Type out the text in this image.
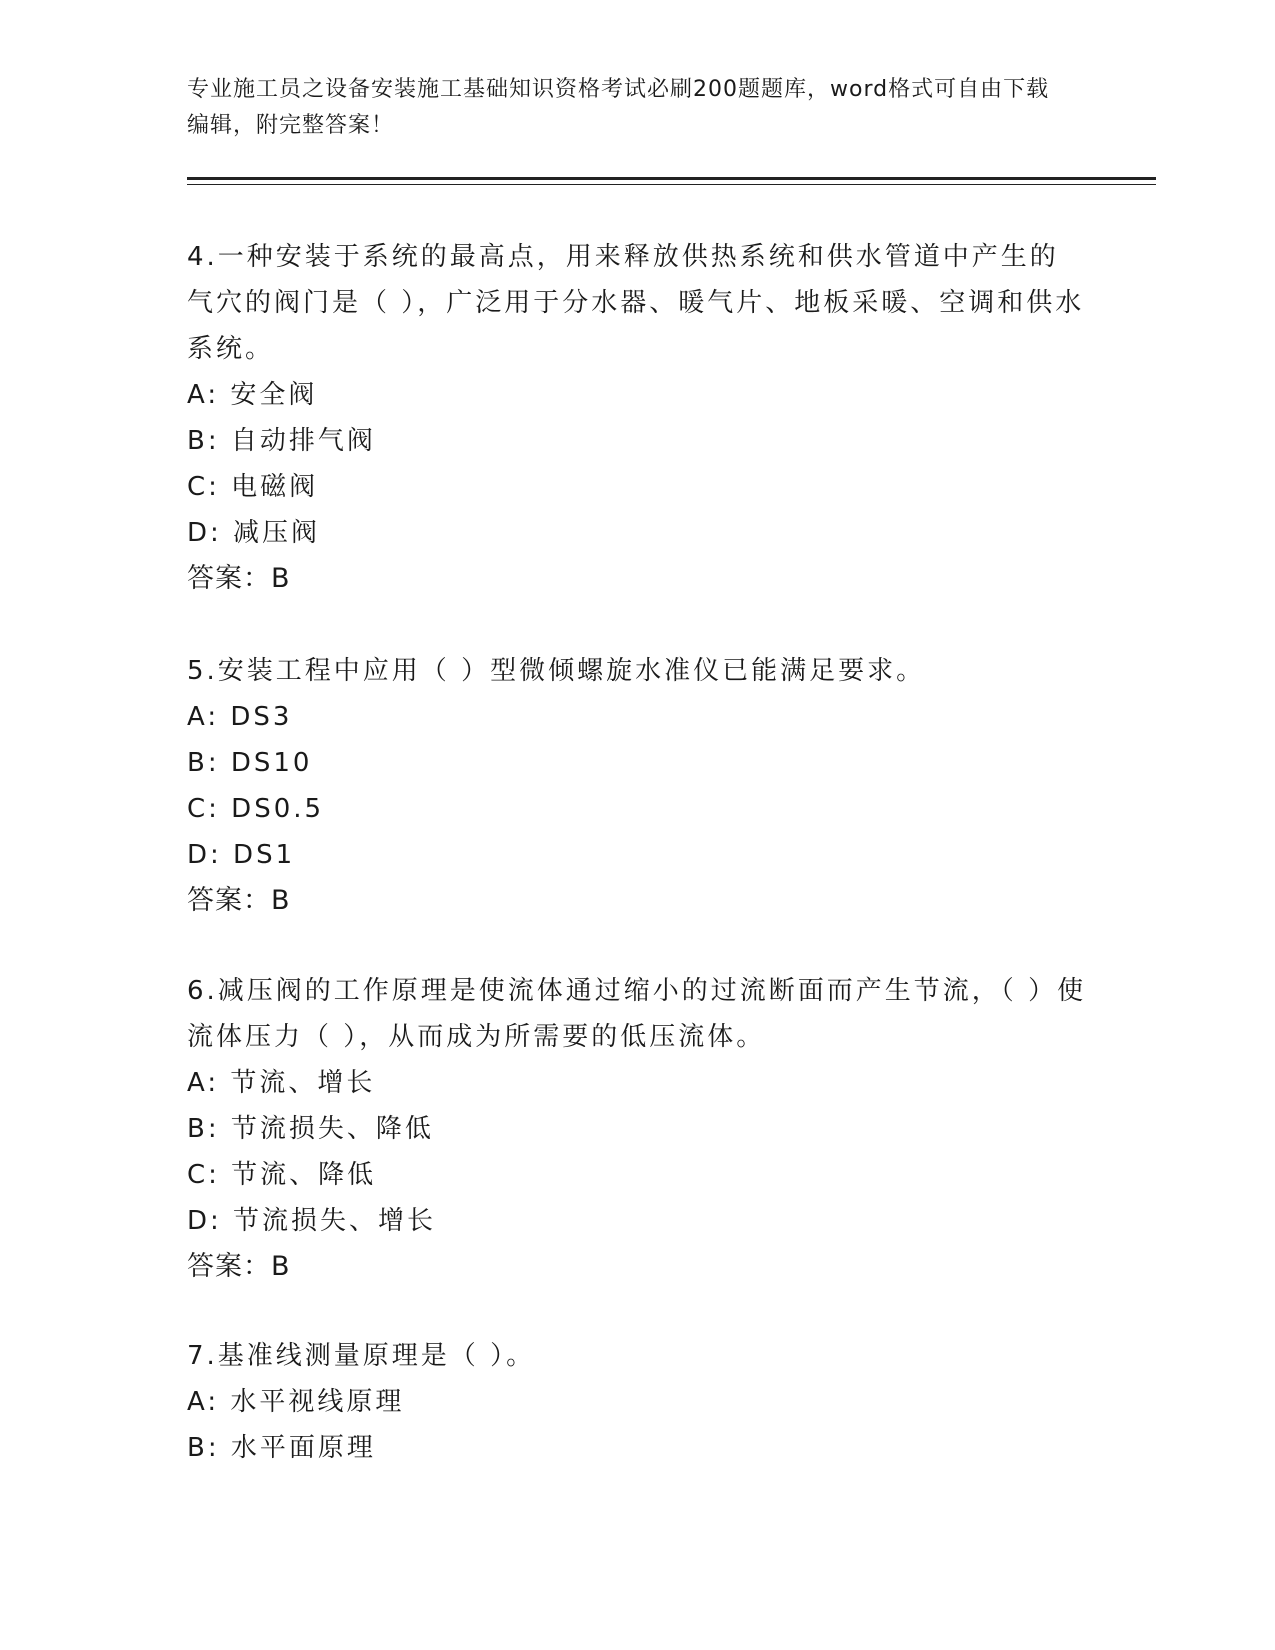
专业施工员之设备安装施工基础知识资格考试必刷200题题库，word格式可自由下载编辑，附完整答案！

4.一种安装于系统的最高点，用来释放供热系统和供水管道中产生的气穴的阀门是（ ），广泛用于分水器、暖气片、地板采暖、空调和供水系统。

A: 安全阀

B: 自动排气阀

C: 电磁阀

D: 减压阀

答案：B

5.安装工程中应用（ ）型微倾螺旋水准仪已能满足要求。

A: DS3

B: DS10

C: DS0.5

D: DS1

答案：B

6.减压阀的工作原理是使流体通过缩小的过流断面而产生节流，（ ）使流体压力（ ），从而成为所需要的低压流体。

A: 节流、增长

B: 节流损失、降低

C: 节流、降低

D: 节流损失、增长

答案：B

7.基准线测量原理是（ ）。

A: 水平视线原理

B: 水平面原理
